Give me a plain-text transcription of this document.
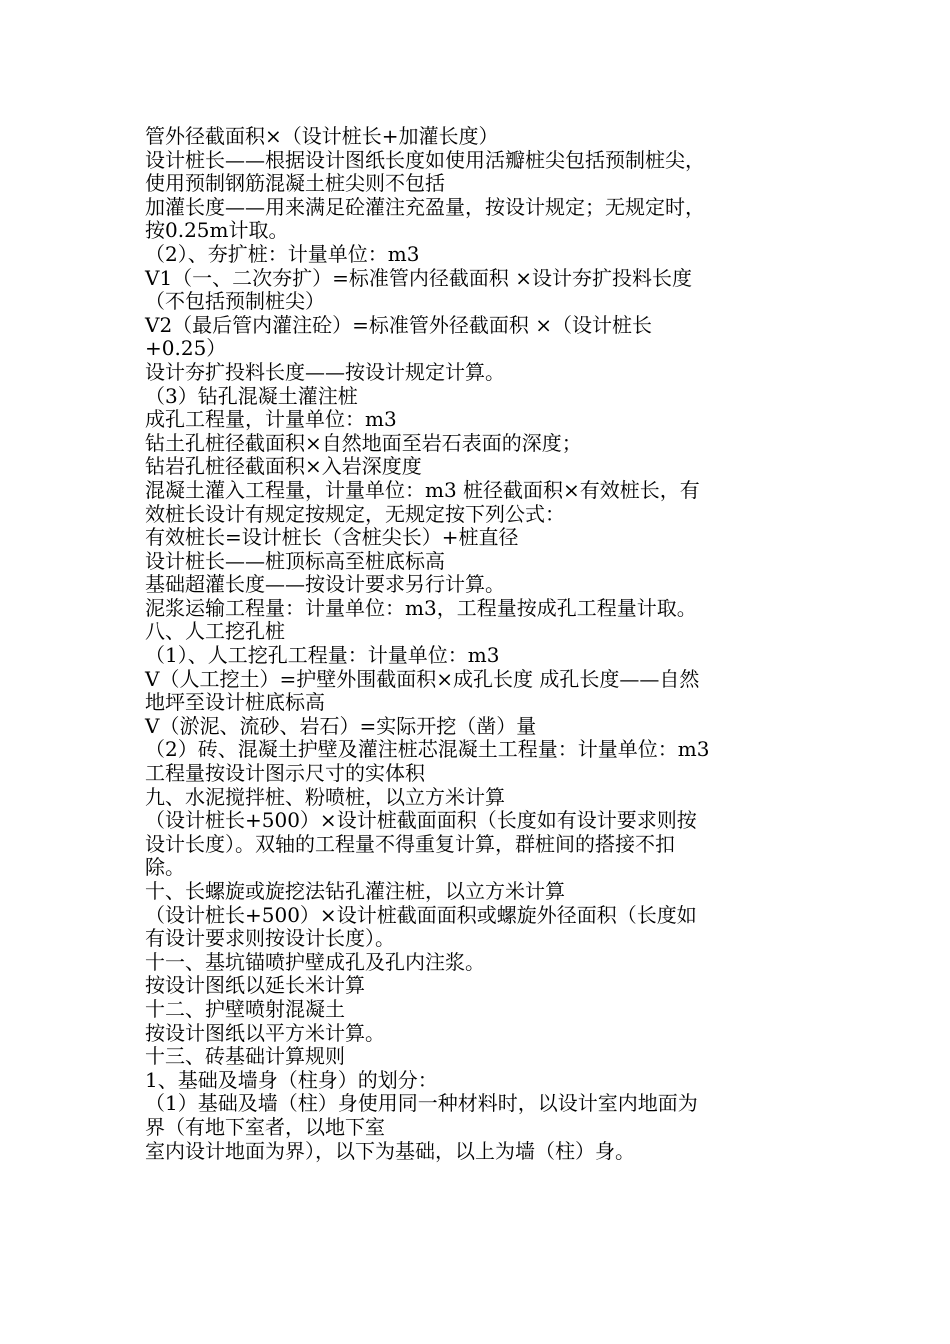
管外径截面积×（设计桩长+加灌长度）
设计桩长——根据设计图纸长度如使用活瓣桩尖包括预制桩尖，
使用预制钢筋混凝土桩尖则不包括
加灌长度——用来满足砼灌注充盈量，按设计规定；无规定时，
按0.25m计取。
（2）、夯扩桩：计量单位：m3
V1（一、二次夯扩）=标准管内径截面积 ×设计夯扩投料长度
（不包括预制桩尖）
V2（最后管内灌注砼）=标准管外径截面积 ×（设计桩长
+0.25）
设计夯扩投料长度——按设计规定计算。
（3）钻孔混凝土灌注桩
成孔工程量，计量单位：m3
钻土孔桩径截面积×自然地面至岩石表面的深度；
钻岩孔桩径截面积×入岩深度度
混凝土灌入工程量，计量单位：m3 桩径截面积×有效桩长，有
效桩长设计有规定按规定，无规定按下列公式：
有效桩长=设计桩长（含桩尖长）+桩直径
设计桩长——桩顶标高至桩底标高
基础超灌长度——按设计要求另行计算。
泥浆运输工程量：计量单位：m3，工程量按成孔工程量计取。
八、人工挖孔桩
（1）、人工挖孔工程量：计量单位：m3
V（人工挖土）=护壁外围截面积×成孔长度 成孔长度——自然
地坪至设计桩底标高
V（淤泥、流砂、岩石）=实际开挖（凿）量
（2）砖、混凝土护壁及灌注桩芯混凝土工程量：计量单位：m3
工程量按设计图示尺寸的实体积
九、水泥搅拌桩、粉喷桩，以立方米计算
（设计桩长+500）×设计桩截面面积（长度如有设计要求则按
设计长度）。双轴的工程量不得重复计算，群桩间的搭接不扣
除。
十、长螺旋或旋挖法钻孔灌注桩，以立方米计算
（设计桩长+500）×设计桩截面面积或螺旋外径面积（长度如
有设计要求则按设计长度）。
十一、基坑锚喷护壁成孔及孔内注浆。
按设计图纸以延长米计算
十二、护壁喷射混凝土
按设计图纸以平方米计算。
十三、砖基础计算规则
1、基础及墙身（柱身）的划分：
（1）基础及墙（柱）身使用同一种材料时，以设计室内地面为
界（有地下室者，以地下室
室内设计地面为界），以下为基础，以上为墙（柱）身。
